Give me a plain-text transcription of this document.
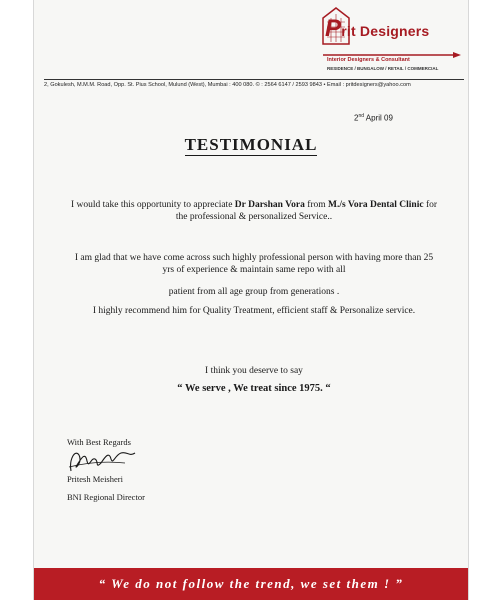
Prit Designers
Interior Designers & Consultant
RESIDENCE / BUNGALOW / RETAIL / COMMERCIAL
2, Gokulesh, M.M.M. Road, Opp. St. Pius School, Mulund (West), Mumbai : 400 080. © : 2564 6147 / 2593 9843 • Email : pritdesigners@yahoo.com
2nd April 09
TESTIMONIAL
I would take this opportunity to appreciate Dr Darshan Vora from M./s Vora Dental Clinic for the professional & personalized Service..
I am glad that we have come across such highly professional person with having more than 25 yrs of experience & maintain same repo with all
patient from all age group from generations .
I highly recommend him for Quality Treatment, efficient staff & Personalize service.
I think you deserve to say
“ We serve , We treat since 1975. “
With Best Regards
Pritesh Meisheri
BNI Regional Director
“ We do not follow the trend, we set them ! ”
